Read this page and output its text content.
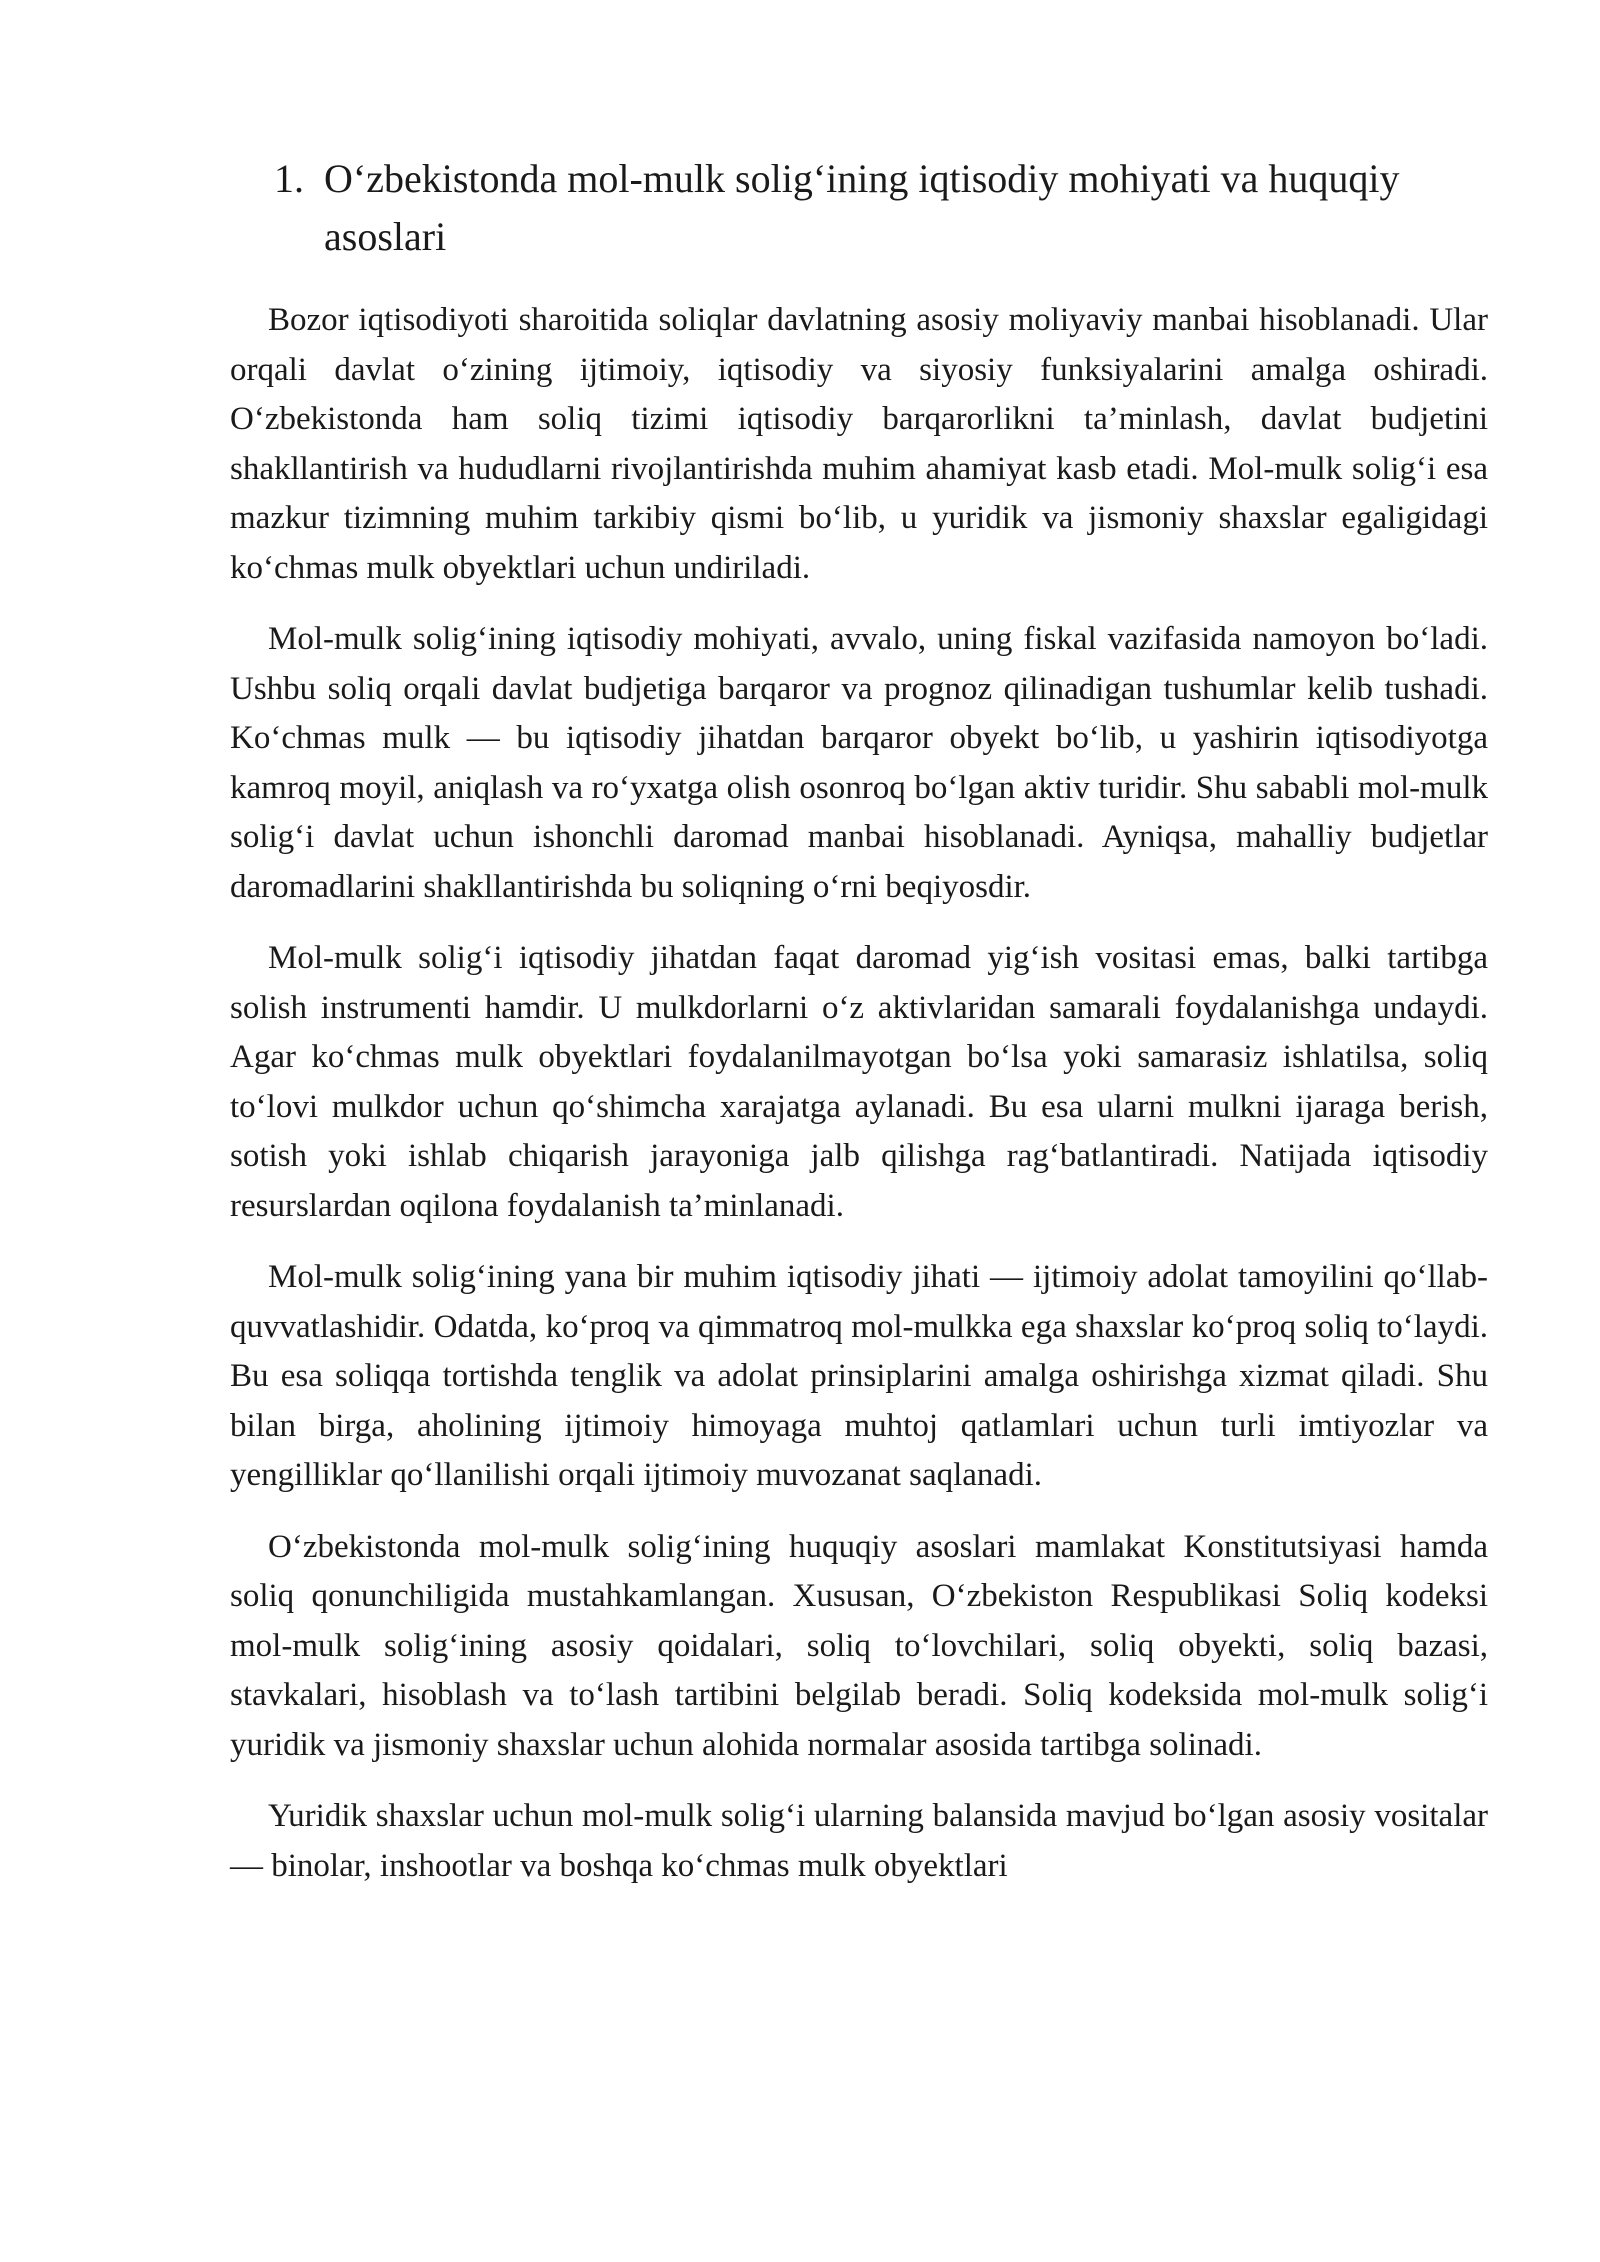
1. O‘zbekistonda mol-mulk solig‘ining iqtisodiy mohiyati va huquqiy asoslari

Bozor iqtisodiyoti sharoitida soliqlar davlatning asosiy moliyaviy manbai hisoblanadi. Ular orqali davlat o‘zining ijtimoiy, iqtisodiy va siyosiy funksiyalarini amalga oshiradi. O‘zbekistonda ham soliq tizimi iqtisodiy barqarorlikni ta’minlash, davlat budjetini shakllantirish va hududlarni rivojlantirishda muhim ahamiyat kasb etadi. Mol-mulk solig‘i esa mazkur tizimning muhim tarkibiy qismi bo‘lib, u yuridik va jismoniy shaxslar egaligidagi ko‘chmas mulk obyektlari uchun undiriladi.

Mol-mulk solig‘ining iqtisodiy mohiyati, avvalo, uning fiskal vazifasida namoyon bo‘ladi. Ushbu soliq orqali davlat budjetiga barqaror va prognoz qilinadigan tushumlar kelib tushadi. Ko‘chmas mulk — bu iqtisodiy jihatdan barqaror obyekt bo‘lib, u yashirin iqtisodiyotga kamroq moyil, aniqlash va ro‘yxatga olish osonroq bo‘lgan aktiv turidir. Shu sababli mol-mulk solig‘i davlat uchun ishonchli daromad manbai hisoblanadi. Ayniqsa, mahalliy budjetlar daromadlarini shakllantirishda bu soliqning o‘rni beqiyosdir.

Mol-mulk solig‘i iqtisodiy jihatdan faqat daromad yig‘ish vositasi emas, balki tartibga solish instrumenti hamdir. U mulkdorlarni o‘z aktivlaridan samarali foydalanishga undaydi. Agar ko‘chmas mulk obyektlari foydalanilmayotgan bo‘lsa yoki samarasiz ishlatilsa, soliq to‘lovi mulkdor uchun qo‘shimcha xarajatga aylanadi. Bu esa ularni mulkni ijaraga berish, sotish yoki ishlab chiqarish jarayoniga jalb qilishga rag‘batlantiradi. Natijada iqtisodiy resurslardan oqilona foydalanish ta’minlanadi.

Mol-mulk solig‘ining yana bir muhim iqtisodiy jihati — ijtimoiy adolat tamoyilini qo‘llab-quvvatlashidir. Odatda, ko‘proq va qimmatroq mol-mulkka ega shaxslar ko‘proq soliq to‘laydi. Bu esa soliqqa tortishda tenglik va adolat prinsiplarini amalga oshirishga xizmat qiladi. Shu bilan birga, aholining ijtimoiy himoyaga muhtoj qatlamlari uchun turli imtiyozlar va yengilliklar qo‘llanilishi orqali ijtimoiy muvozanat saqlanadi.

O‘zbekistonda mol-mulk solig‘ining huquqiy asoslari mamlakat Konstitutsiyasi hamda soliq qonunchiligida mustahkamlangan. Xususan, O‘zbekiston Respublikasi Soliq kodeksi mol-mulk solig‘ining asosiy qoidalari, soliq to‘lovchilari, soliq obyekti, soliq bazasi, stavkalari, hisoblash va to‘lash tartibini belgilab beradi. Soliq kodeksida mol-mulk solig‘i yuridik va jismoniy shaxslar uchun alohida normalar asosida tartibga solinadi.

Yuridik shaxslar uchun mol-mulk solig‘i ularning balansida mavjud bo‘lgan asosiy vositalar — binolar, inshootlar va boshqa ko‘chmas mulk obyektlari
